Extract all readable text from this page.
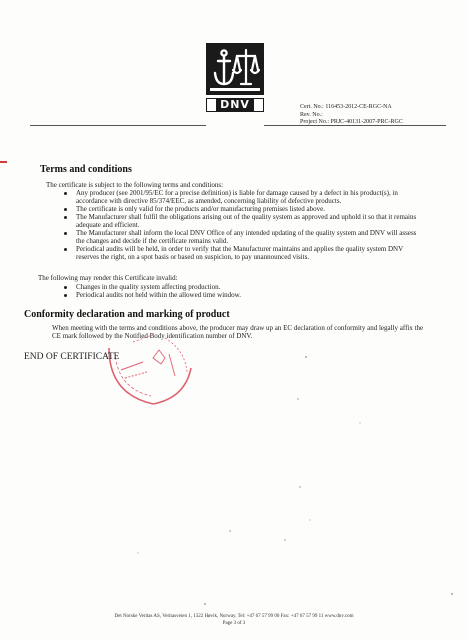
DNV	Cert. No.: 116453-2012-CE-RGC-NA
Rev. No.:
Project No.: PRJC-40131-2007-PRC-RGC
Terms and conditions
The certificate is subject to the following terms and conditions:
Any producer (see 2001/95/EC for a precise definition) is liable for damage caused by a defect in his product(s), in accordance with directive 85/374/EEC, as amended, concerning liability of defective products.
The certificate is only valid for the products and/or manufacturing premises listed above.
The Manufacturer shall fulfil the obligations arising out of the quality system as approved and uphold it so that it remains adequate and efficient.
The Manufacturer shall inform the local DNV Office of any intended updating of the quality system and DNV will assess the changes and decide if the certificate remains valid.
Periodical audits will be held, in order to verify that the Manufacturer maintains and applies the quality system DNV reserves the right, on a spot basis or based on suspicion, to pay unannounced visits.
The following may render this Certificate invalid:
Changes in the quality system affecting production.
Periodical audits not held within the allowed time window.
Conformity declaration and marking of product
When meeting with the terms and conditions above, the producer may draw up an EC declaration of conformity and legally affix the CE mark followed by the Notified Body identification number of DNV.
END OF CERTIFICATE
Det Norske Veritas AS, Veritasveien 1, 1322 Høvik, Norway. Tel: +47 67 57 99 00 Fax: +47 67 57 99 11 www.dnv.com
Page 3 of 3
